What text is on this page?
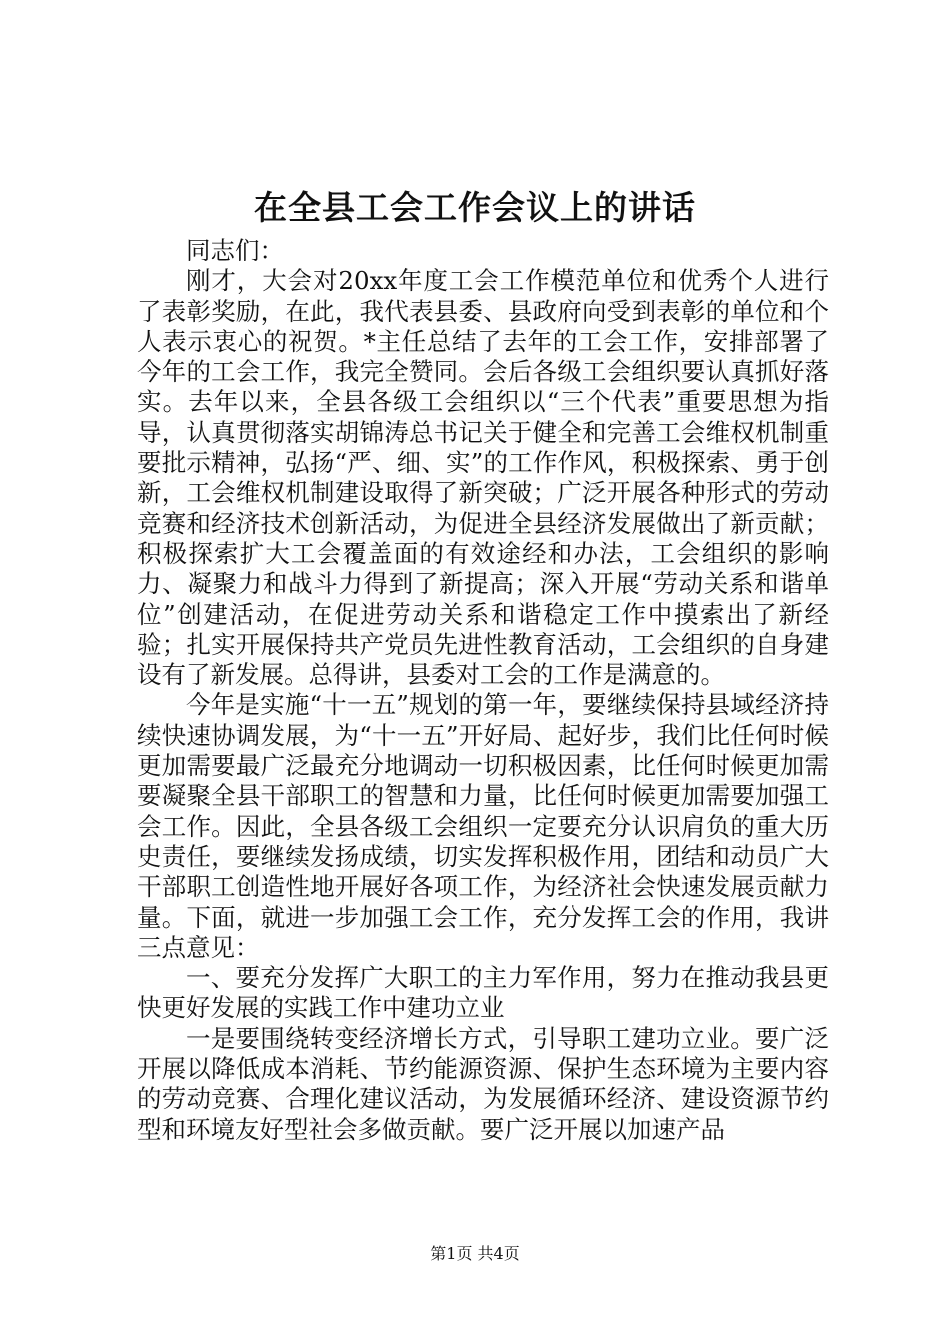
在全县工会工作会议上的讲话

同志们：

刚才，大会对20xx年度工会工作模范单位和优秀个人进行了表彰奖励，在此，我代表县委、县政府向受到表彰的单位和个人表示衷心的祝贺。*主任总结了去年的工会工作，安排部署了今年的工会工作，我完全赞同。会后各级工会组织要认真抓好落实。去年以来，全县各级工会组织以“三个代表”重要思想为指导，认真贯彻落实胡锦涛总书记关于健全和完善工会维权机制重要批示精神，弘扬“严、细、实”的工作作风，积极探索、勇于创新，工会维权机制建设取得了新突破；广泛开展各种形式的劳动竞赛和经济技术创新活动，为促进全县经济发展做出了新贡献；积极探索扩大工会覆盖面的有效途经和办法，工会组织的影响力、凝聚力和战斗力得到了新提高；深入开展“劳动关系和谐单位”创建活动，在促进劳动关系和谐稳定工作中摸索出了新经验；扎实开展保持共产党员先进性教育活动，工会组织的自身建设有了新发展。总得讲，县委对工会的工作是满意的。

今年是实施“十一五”规划的第一年，要继续保持县域经济持续快速协调发展，为“十一五”开好局、起好步，我们比任何时候更加需要最广泛最充分地调动一切积极因素，比任何时候更加需要凝聚全县干部职工的智慧和力量，比任何时候更加需要加强工会工作。因此，全县各级工会组织一定要充分认识肩负的重大历史责任，要继续发扬成绩，切实发挥积极作用，团结和动员广大干部职工创造性地开展好各项工作，为经济社会快速发展贡献力量。下面，就进一步加强工会工作，充分发挥工会的作用，我讲三点意见：

一、要充分发挥广大职工的主力军作用，努力在推动我县更快更好发展的实践工作中建功立业

一是要围绕转变经济增长方式，引导职工建功立业。要广泛开展以降低成本消耗、节约能源资源、保护生态环境为主要内容的劳动竞赛、合理化建议活动，为发展循环经济、建设资源节约型和环境友好型社会多做贡献。要广泛开展以加速产品

第1页 共4页
